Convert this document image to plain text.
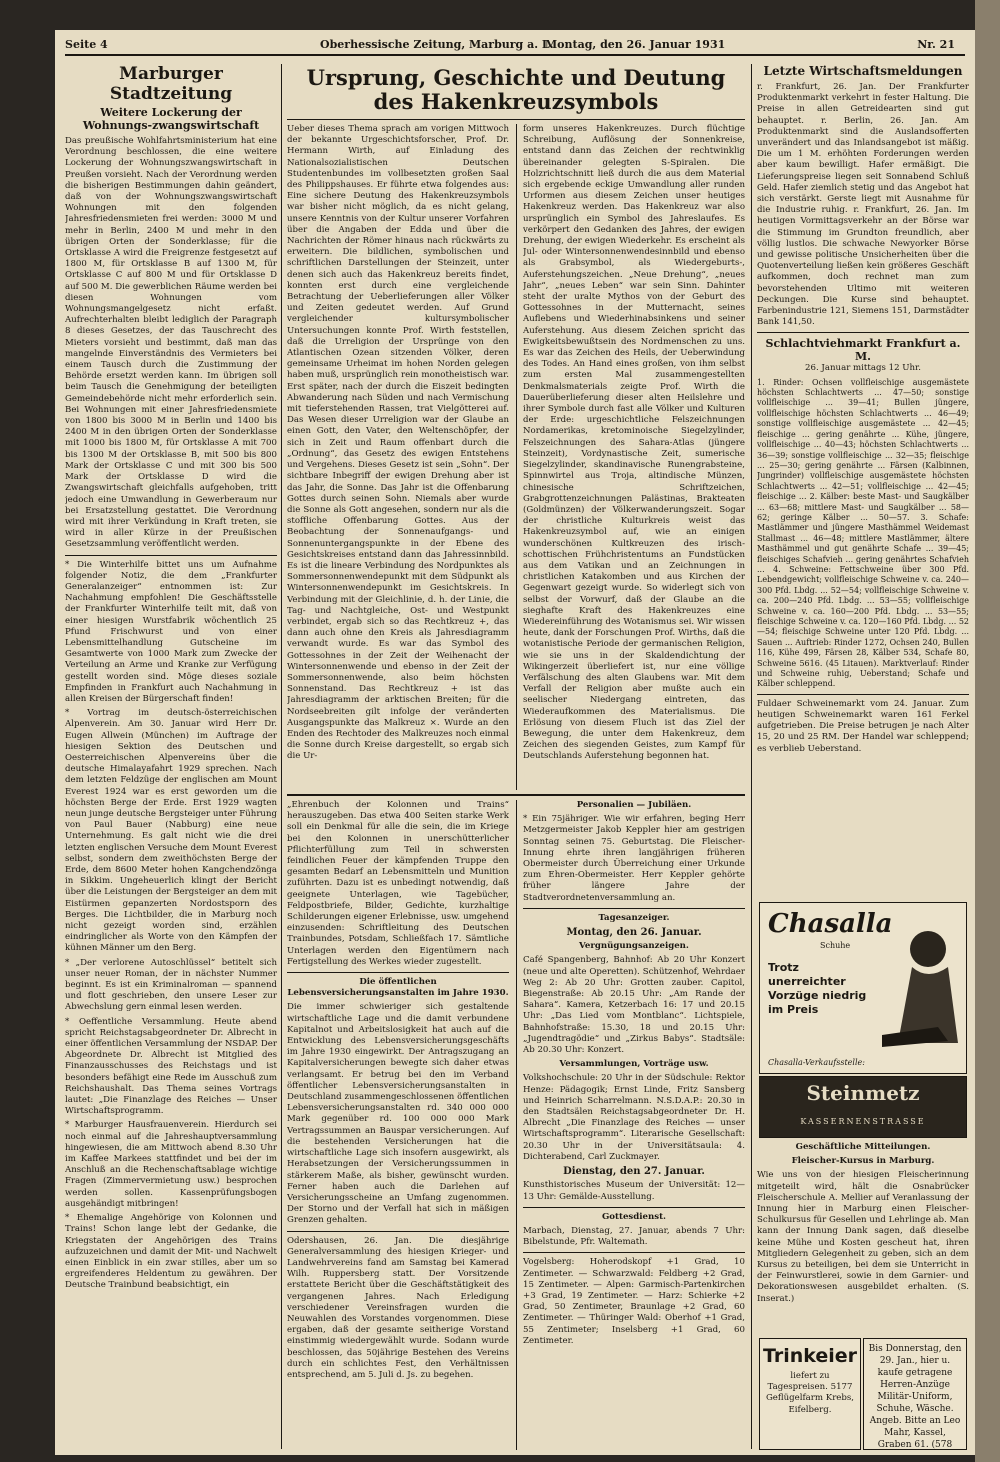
Seite 4	Oberhessische Zeitung, Marburg a. L.
Montag, den 26. Januar 1931	Nr. 21
Marburger Stadtzeitung
Weitere Lockerung der Wohnungs-zwangswirtschaft

Das preußische Wohlfahrtsministerium hat eine Verordnung beschlossen, die eine weitere Lockerung der Wohnungszwangswirtschaft in Preußen vorsieht. Nach der Verordnung werden die bisherigen Bestimmungen dahin geändert, daß von der Wohnungszwangswirtschaft Wohnungen mit den folgenden Jahresfriedensmieten frei werden: 3000 M und mehr in Berlin, 2400 M und mehr in den übrigen Orten der Sonderklasse; für die Ortsklasse A wird die Freigrenze festgesetzt auf 1800 M, für Ortsklasse B auf 1300 M, für Ortsklasse C auf 800 M und für Ortsklasse D auf 500 M. Die gewerblichen Räume werden bei diesen Wohnungen vom Wohnungsmangelgesetz nicht erfaßt. Aufrechterhalten bleibt lediglich der Paragraph 8 dieses Gesetzes, der das Tauschrecht des Mieters vorsieht und bestimmt, daß man das mangelnde Einverständnis des Vermieters bei einem Tausch durch die Zustimmung der Behörde ersetzt werden kann. Im übrigen soll beim Tausch die Genehmigung der beteiligten Gemeindebehörde nicht mehr erforderlich sein. Bei Wohnungen mit einer Jahresfriedensmiete von 1800 bis 3000 M in Berlin und 1400 bis 2400 M in den übrigen Orten der Sonderklasse mit 1000 bis 1800 M, für Ortsklasse A mit 700 bis 1300 M der Ortsklasse B, mit 500 bis 800 Mark der Ortsklasse C und mit 300 bis 500 Mark der Ortsklasse D wird die Zwangswirtschaft gleichfalls aufgehoben, tritt jedoch eine Umwandlung in Gewerberaum nur bei Ersatzstellung gestattet. Die Verordnung wird mit ihrer Verkündung in Kraft treten, sie wird in aller Kürze in der Preußischen Gesetzsammlung veröffentlicht werden.

* Die Winterhilfe bittet uns um Aufnahme folgender Notiz, die dem „Frankfurter Generalanzeiger“ entnommen ist: Zur Nachahmung empfohlen! Die Geschäftsstelle der Frankfurter Winterhilfe teilt mit, daß von einer hiesigen Wurstfabrik wöchentlich 25 Pfund Frischwurst und von einer Lebensmittelhandlung Gutscheine im Gesamtwerte von 1000 Mark zum Zwecke der Verteilung an Arme und Kranke zur Verfügung gestellt worden sind. Möge dieses soziale Empfinden in Frankfurt auch Nachahmung in allen Kreisen der Bürgerschaft finden!

* Vortrag im deutsch-österreichischen Alpenverein. Am 30. Januar wird Herr Dr. Eugen Allwein (München) im Auftrage der hiesigen Sektion des Deutschen und Oesterreichischen Alpenvereins über die deutsche Himalayafahrt 1929 sprechen. Nach dem letzten Feldzüge der englischen am Mount Everest 1924 war es erst geworden um die höchsten Berge der Erde. Erst 1929 wagten neun junge deutsche Bergsteiger unter Führung von Paul Bauer (Nabburg) eine neue Unternehmung. Es galt nicht wie die drei letzten englischen Versuche dem Mount Everest selbst, sondern dem zweithöchsten Berge der Erde, dem 8600 Meter hohen Kangchendzönga in Sikkim. Ungeheuerlich klingt der Bericht über die Leistungen der Bergsteiger an dem mit Eistürmen gepanzerten Nordostsporn des Berges. Die Lichtbilder, die in Marburg noch nicht gezeigt worden sind, erzählen eindringlicher als Worte von den Kämpfen der kühnen Männer um den Berg.

* „Der verlorene Autoschlüssel“ betitelt sich unser neuer Roman, der in nächster Nummer beginnt. Es ist ein Kriminalroman — spannend und flott geschrieben, den unsere Leser zur Abwechslung gern einmal lesen werden.

* Oeffentliche Versammlung. Heute abend spricht Reichstagsabgeordneter Dr. Albrecht in einer öffentlichen Versammlung der NSDAP. Der Abgeordnete Dr. Albrecht ist Mitglied des Finanzausschusses des Reichstags und ist besonders befähigt eine Rede im Ausschuß zum Reichshaushalt. Das Thema seines Vortrags lautet: „Die Finanzlage des Reiches — Unser Wirtschaftsprogramm.

* Marburger Hausfrauenverein. Hierdurch sei noch einmal auf die Jahreshauptversammlung hingewiesen, die am Mittwoch abend 8.30 Uhr im Kaffee Markees stattfindet und bei der im Anschluß an die Rechenschaftsablage wichtige Fragen (Zimmervermietung usw.) besprochen werden sollen. Kassenprüfungsbogen ausgehändigt mitbringen!

* Ehemalige Angehörige von Kolonnen und Trains! Schon lange lebt der Gedanke, die Kriegstaten der Angehörigen des Trains aufzuzeichnen und damit der Mit- und Nachwelt einen Einblick in ein zwar stilles, aber um so ergreifenderes Heldentum zu gewähren. Der Deutsche Trainbund beabsichtigt, ein

Ursprung, Geschichte und Deutung des Hakenkreuzsymbols

Ueber dieses Thema sprach am vorigen Mittwoch der bekannte Urgeschichtsforscher, Prof. Dr. Hermann Wirth, auf Einladung des Nationalsozialistischen Deutschen Studentenbundes im vollbesetzten großen Saal des Philippshauses. Er führte etwa folgendes aus: Eine sichere Deutung des Hakenkreuzsymbols war bisher nicht möglich, da es nicht gelang, unsere Kenntnis von der Kultur unserer Vorfahren über die Angaben der Edda und über die Nachrichten der Römer hinaus nach rückwärts zu erweitern. Die bildlichen, symbolischen und schriftlichen Darstellungen der Steinzeit, unter denen sich auch das Hakenkreuz bereits findet, konnten erst durch eine vergleichende Betrachtung der Ueberlieferungen aller Völker und Zeiten gedeutet werden. Auf Grund vergleichender kultursymbolischer Untersuchungen konnte Prof. Wirth feststellen, daß die Urreligion der Ursprünge von den Atlantischen Ozean sitzenden Völker, deren gemeinsame Urheimat im hohen Norden gelegen haben muß, ursprünglich rein monotheistisch war. Erst später, nach der durch die Eiszeit bedingten Abwanderung nach Süden und nach Vermischung mit tieferstehenden Rassen, trat Vielgötterei auf. Das Wesen dieser Urreligion war der Glaube an einen Gott, den Vater, den Weltenschöpfer, der sich in Zeit und Raum offenbart durch die „Ordnung“, das Gesetz des ewigen Entstehens und Vergehens. Dieses Gesetz ist sein „Sohn“. Der sichtbare Inbegriff der ewigen Drehung aber ist das Jahr, die Sonne. Das Jahr ist die Offenbarung Gottes durch seinen Sohn. Niemals aber wurde die Sonne als Gott angesehen, sondern nur als die stoffliche Offenbarung Gottes. Aus der Beobachtung der Sonnenaufgangs- und Sonnenuntergangspunkte in der Ebene des Gesichtskreises entstand dann das Jahressinnbild. Es ist die lineare Verbindung des Nordpunktes als Sommersonnenwendepunkt mit dem Südpunkt als Wintersonnenwendepunkt im Gesichtskreis. In Verbindung mit der Gleichlinie, d. h. der Linie, die Tag- und Nachtgleiche, Ost- und Westpunkt verbindet, ergab sich so das Rechtkreuz +, das dann auch ohne den Kreis als Jahresdiagramm verwandt wurde. Es war das Symbol des Gottessohnes in der Zeit der Weihenacht der Wintersonnenwende und ebenso in der Zeit der Sommersonnenwende, also beim höchsten Sonnenstand. Das Rechtkreuz + ist das Jahresdiagramm der arktischen Breiten; für die Nordseebreiten gilt infolge der veränderten Ausgangspunkte das Malkreuz ×. Wurde an den Enden des Rechtoder des Malkreuzes noch einmal die Sonne durch Kreise dargestellt, so ergab sich die Ur-

form unseres Hakenkreuzes. Durch flüchtige Schreibung, Auflösung der Sonnenkreise, entstand dann das Zeichen der rechtwinklig übereinander gelegten S-Spiralen. Die Holzrichtschnitt ließ durch die aus dem Material sich ergebende eckige Umwandlung aller runden Urformen aus diesem Zeichen unser heutiges Hakenkreuz werden. Das Hakenkreuz war also ursprünglich ein Symbol des Jahreslaufes. Es verkörpert den Gedanken des Jahres, der ewigen Drehung, der ewigen Wiederkehr. Es erscheint als Jul- oder Wintersonnenwendesinnbild und ebenso als Grabsymbol, als Wiedergeburts-, Auferstehungszeichen. „Neue Drehung“, „neues Jahr“, „neues Leben“ war sein Sinn. Dahinter steht der uralte Mythos von der Geburt des Gottessohnes in der Mutternacht, seines Auflebens und Wiederhinabsinkens und seiner Auferstehung. Aus diesem Zeichen spricht das Ewigkeitsbewußtsein des Nordmenschen zu uns. Es war das Zeichen des Heils, der Ueberwindung des Todes. An Hand eines großen, von ihm selbst zum ersten Mal zusammengestellten Denkmalsmaterials zeigte Prof. Wirth die Dauerüberlieferung dieser alten Heilslehre und ihrer Symbole durch fast alle Völker und Kulturen der Erde: urgeschichtliche Felszeichnungen Nordamerikas, kretominoische Siegelzylinder, Felszeichnungen des Sahara-Atlas (jüngere Steinzeit), Vordynastische Zeit, sumerische Siegelzylinder, skandinavische Runengrabsteine, Spinnwirtel aus Troja, altindische Münzen, chinesische Schriftzeichen, Grabgrottenzeichnungen Palästinas, Brakteaten (Goldmünzen) der Völkerwanderungszeit. Sogar der christliche Kulturkreis weist das Hakenkreuzsymbol auf, wie an einigen wunderschönen Kultkreuzen des irisch-schottischen Frühchristentums an Fundstücken aus dem Vatikan und an Zeichnungen in christlichen Katakomben und aus Kirchen der Gegenwart gezeigt wurde. So widerlegt sich von selbst der Vorwurf, daß der Glaube an die sieghafte Kraft des Hakenkreuzes eine Wiedereinführung des Wotanismus sei. Wir wissen heute, dank der Forschungen Prof. Wirths, daß die wotanistische Periode der germanischen Religion, wie sie uns in der Skaldendichtung der Wikingerzeit überliefert ist, nur eine völlige Verfälschung des alten Glaubens war. Mit dem Verfall der Religion aber mußte auch ein seelischer Niedergang eintreten, das Wiederaufkommen des Materialismus. Die Erlösung von diesem Fluch ist das Ziel der Bewegung, die unter dem Hakenkreuz, dem Zeichen des siegenden Geistes, zum Kampf für Deutschlands Auferstehung begonnen hat.

„Ehrenbuch der Kolonnen und Trains“ herauszugeben. Das etwa 400 Seiten starke Werk soll ein Denkmal für alle die sein, die im Kriege bei den Kolonnen in unerschütterlicher Pflichterfüllung zum Teil in schwersten feindlichen Feuer der kämpfenden Truppe den gesamten Bedarf an Lebensmitteln und Munition zuführten. Dazu ist es unbedingt notwendig, daß geeignete Unterlagen, wie Tagebücher, Feldpostbriefe, Bilder, Gedichte, kurzhaltige Schilderungen eigener Erlebnisse, usw. umgehend einzusenden: Schriftleitung des Deutschen Trainbundes, Potsdam, Schließfach 17. Sämtliche Unterlagen werden den Eigentümern nach Fertigstellung des Werkes wieder zugestellt.

Die öffentlichen Lebensversicherungsanstalten im Jahre 1930.

Die immer schwieriger sich gestaltende wirtschaftliche Lage und die damit verbundene Kapitalnot und Arbeitslosigkeit hat auch auf die Entwicklung des Lebensversicherungsgeschäfts im Jahre 1930 eingewirkt. Der Antragszugang an Kapitalversicherungen bewegte sich daher etwas verlangsamt. Er betrug bei den im Verband öffentlicher Lebensversicherungsanstalten in Deutschland zusammengeschlossenen öffentlichen Lebensversicherungsanstalten rd. 340 000 000 Mark gegenüber rd. 100 000 000 Mark Vertragssummen an Bauspar versicherungen. Auf die bestehenden Versicherungen hat die wirtschaftliche Lage sich insofern ausgewirkt, als Herabsetzungen der Versicherungssummen in stärkerem Maße, als bisher, gewünscht wurden. Ferner haben auch die Darlehen auf Versicherungsscheine an Umfang zugenommen. Der Storno und der Verfall hat sich in mäßigen Grenzen gehalten.

Odershausen, 26. Jan. Die diesjährige Generalversammlung des hiesigen Krieger- und Landwehrvereins fand am Samstag bei Kamerad Wilh. Ruppersberg statt. Der Vorsitzende erstattete Bericht über die Geschäftstätigkeit des vergangenen Jahres. Nach Erledigung verschiedener Vereinsfragen wurden die Neuwahlen des Vorstandes vorgenommen. Diese ergaben, daß der gesamte seitherige Vorstand einstimmig wiedergewählt wurde. Sodann wurde beschlossen, das 50jährige Bestehen des Vereins durch ein schlichtes Fest, den Verhältnissen entsprechend, am 5. Juli d. Js. zu begehen.

Personalien — Jubiläen.

* Ein 75jähriger. Wie wir erfahren, beging Herr Metzgermeister Jakob Keppler hier am gestrigen Sonntag seinen 75. Geburtstag. Die Fleischer-Innung ehrte ihren langjährigen früheren Obermeister durch Überreichung einer Urkunde zum Ehren-Obermeister. Herr Keppler gehörte früher längere Jahre der Stadtverordnetenversammlung an.

Tagesanzeiger.
Montag, den 26. Januar.
Vergnügungsanzeigen.

Café Spangenberg, Bahnhof: Ab 20 Uhr Konzert (neue und alte Operetten). Schützenhof, Wehrdaer Weg 2: Ab 20 Uhr: Grotten zauber. Capitol, Biegenstraße: Ab 20.15 Uhr: „Am Rande der Sahara“. Kamera, Ketzerbach 16: 17 und 20.15 Uhr: „Das Lied vom Montblanc“. Lichtspiele, Bahnhofstraße: 15.30, 18 und 20.15 Uhr: „Jugendtragödie“ und „Zirkus Babys“. Stadtsäle: Ab 20.30 Uhr: Konzert.

Versammlungen, Vorträge usw.

Volkshochschule: 20 Uhr in der Südschule: Rektor Henze: Pädagogik; Ernst Linde, Fritz Sansberg und Heinrich Scharrelmann. N.S.D.A.P.: 20.30 in den Stadtsälen Reichstagsabgeordneter Dr. H. Albrecht „Die Finanzlage des Reiches — unser Wirtschaftsprogramm“. Literarische Gesellschaft: 20.30 Uhr in der Universitätsaula: 4. Dichterabend, Carl Zuckmayer.

Dienstag, den 27. Januar.

Kunsthistorisches Museum der Universität: 12—13 Uhr: Gemälde-Ausstellung.

Gottesdienst.

Marbach, Dienstag, 27. Januar, abends 7 Uhr: Bibelstunde, Pfr. Waltemath.

Vogelsberg: Hoherodskopf +1 Grad, 10 Zentimeter. — Schwarzwald: Feldberg +2 Grad, 15 Zentimeter. — Alpen: Garmisch-Partenkirchen +3 Grad, 19 Zentimeter. — Harz: Schierke +2 Grad, 50 Zentimeter, Braunlage +2 Grad, 60 Zentimeter. — Thüringer Wald: Oberhof +1 Grad, 55 Zentimeter; Inselsberg +1 Grad, 60 Zentimeter.

Letzte Wirtschaftsmeldungen

r. Frankfurt, 26. Jan. Der Frankfurter Produktenmarkt verkehrt in fester Haltung. Die Preise in allen Getreidearten sind gut behauptet. r. Berlin, 26. Jan. Am Produktenmarkt sind die Auslandsofferten unverändert und das Inlandsangebot ist mäßig. Die um 1 M. erhöhten Forderungen werden aber kaum bewilligt. Hafer ermäßigt. Die Lieferungspreise liegen seit Sonnabend Schluß Geld. Hafer ziemlich stetig und das Angebot hat sich verstärkt. Gerste liegt mit Ausnahme für die Industrie ruhig. r. Frankfurt, 26. Jan. Im heutigen Vormittagsverkehr an der Börse war die Stimmung im Grundton freundlich, aber völlig lustlos. Die schwache Newyorker Börse und gewisse politische Unsicherheiten über die Quotenverteilung ließen kein größeres Geschäft aufkommen, doch rechnet man zum bevorstehenden Ultimo mit weiteren Deckungen. Die Kurse sind behauptet. Farbenindustrie 121, Siemens 151, Darmstädter Bank 141,50.

Schlachtviehmarkt Frankfurt a. M.
26. Januar mittags 12 Uhr.

1. Rinder: Ochsen vollfleischige ausgemästete höchsten Schlachtwerts ... 47—50; sonstige vollfleischige ... 39—41; Bullen jüngere, vollfleischige höchsten Schlachtwerts ... 46—49; sonstige vollfleischige ausgemästete ... 42—45; fleischige ... gering genährte ... Kühe, jüngere, vollfleischige ... 40—43; höchsten Schlachtwerts ... 36—39; sonstige vollfleischige ... 32—35; fleischige ... 25—30; gering genährte ... Färsen (Kalbinnen, Jungrinder) vollfleischige ausgemästete höchsten Schlachtwerts ... 42—51; vollfleischige ... 42—45; fleischige ... 2. Kälber: beste Mast- und Saugkälber ... 63—68; mittlere Mast- und Saugkälber ... 58—62; geringe Kälber ... 50—57. 3. Schafe: Mastlämmer und jüngere Masthämmel Weidemast Stallmast ... 46—48; mittlere Mastlämmer, ältere Masthämmel und gut genährte Schafe ... 39—45; fleischiges Schafvieh ... gering genährtes Schafvieh ... 4. Schweine: Fettschweine über 300 Pfd. Lebendgewicht; vollfleischige Schweine v. ca. 240—300 Pfd. Lbdg. ... 52—54; vollfleischige Schweine v. ca. 200—240 Pfd. Lbdg. ... 53—55; vollfleischige Schweine v. ca. 160—200 Pfd. Lbdg. ... 53—55; fleischige Schweine v. ca. 120—160 Pfd. Lbdg. ... 52—54; fleischige Schweine unter 120 Pfd. Lbdg. ... Sauen ... Auftrieb: Rinder 1272, Ochsen 240, Bullen 116, Kühe 499, Färsen 28, Kälber 534, Schafe 80, Schweine 5616. (45 Litauen). Marktverlauf: Rinder und Schweine ruhig, Ueberstand; Schafe und Kälber schleppend.

Fuldaer Schweinemarkt vom 24. Januar. Zum heutigen Schweinemarkt waren 161 Ferkel aufgetrieben. Die Preise betrugen je nach Alter 15, 20 und 25 RM. Der Handel war schleppend; es verblieb Ueberstand.

Chasalla
Schuhe
Trotz unerreichter Vorzüge niedrig im Preis
Chasalla-Verkaufsstelle:
Steinmetz
KASSERNENSTRASSE
Geschäftliche Mitteilungen.
Fleischer-Kursus in Marburg.

Wie uns von der hiesigen Fleischerinnung mitgeteilt wird, hält die Osnabrücker Fleischerschule A. Mellier auf Veranlassung der Innung hier in Marburg einen Fleischer-Schulkursus für Gesellen und Lehrlinge ab. Man kann der Innung Dank sagen, daß dieselbe keine Mühe und Kosten gescheut hat, ihren Mitgliedern Gelegenheit zu geben, sich an dem Kursus zu beteiligen, bei dem sie Unterricht in der Feinwurstlerei, sowie in dem Garnier- und Dekorationswesen ausgebildet erhalten. (S. Inserat.)

Trinkeier
liefert zu Tagespreisen. 5177 Geflügelfarm Krebs, Eifelberg.
Bis Donnerstag, den 29. Jan., hier u. kaufe getragene Herren-Anzüge Militär-Uniform, Schuhe, Wäsche. Angeb. Bitte an Leo Mahr, Kassel, Graben 61. (578
